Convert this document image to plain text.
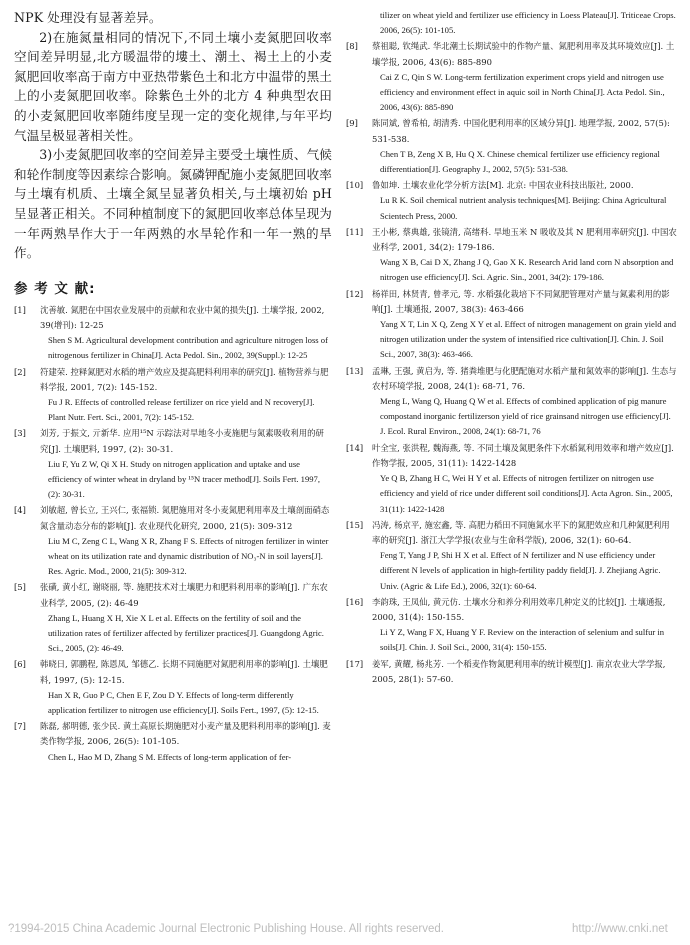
NPK 处理没有显著差异。

2)在施氮量相同的情况下,不同土壤小麦氮肥回收率空间差异明显,北方暖温带的塿土、潮土、褐土上的小麦氮肥回收率高于南方中亚热带紫色土和北方中温带的黑土上的小麦氮肥回收率。除紫色土外的北方 4 种典型农田的小麦氮肥回收率随纬度呈现一定的变化规律,与年平均气温呈极显著相关性。

3)小麦氮肥回收率的空间差异主要受土壤性质、气候和轮作制度等因素综合影响。氮磷钾配施小麦氮肥回收率与土壤有机质、土壤全氮呈显著负相关,与土壤初始 pH 呈显著正相关。不同种植制度下的氮肥回收率总体呈现为一年两熟旱作大于一年两熟的水旱轮作和一年一熟的旱作。

参 考 文 献:
[1]	沈善敏. 氮肥在中国农业发展中的贡献和农业中氮的损失[J]. 土壤学报, 2002, 39(增刊): 12-25

Shen S M. Agricultural development contribution and agriculture nitrogen loss of nitrogenous fertilizer in China[J]. Acta Pedol. Sin., 2002, 39(Suppl.): 12-25

[2]	符建荣. 控释氮肥对水稻的增产效应及提高肥料利用率的研究[J]. 植物营养与肥料学报, 2001, 7(2): 145-152.

Fu J R. Effects of controlled release fertilizer on rice yield and N recovery[J]. Plant Nutr. Fert. Sci., 2001, 7(2): 145-152.

[3]	刘芳, 于振文, 亓新华. 应用¹⁵N 示踪法对旱地冬小麦施肥与氮素吸收利用的研究[J]. 土壤肥料, 1997, (2): 30-31.

Liu F, Yu Z W, Qi X H. Study on nitrogen application and uptake and use efficiency of winter wheat in dryland by ¹⁵N tracer method[J]. Soils Fert. 1997, (2): 30-31.

[4]	刘敏超, 曾长立, 王兴仁, 张福锁. 氮肥施用对冬小麦氮肥利用率及土壤剖面硝态氮含量动态分布的影响[J]. 农业现代化研究, 2000, 21(5): 309-312

Liu M C, Zeng C L, Wang X R, Zhang F S. Effects of nitrogen fertilizer in winter wheat on its utilization rate and dynamic distribution of NO₃-N in soil layers[J]. Res. Agric. Mod., 2000, 21(5): 309-312.

[5]	张磺, 黄小红, 谢晓丽, 等. 施肥技术对土壤肥力和肥料利用率的影响[J]. 广东农业科学, 2005, (2): 46-49

Zhang L, Huang X H, Xie X L et al. Effects on the fertility of soil and the utilization rates of fertilizer affected by fertilizer practices[J]. Guangdong Agric. Sci., 2005, (2): 46-49.

[6]	韩晓日, 郭鹏程, 陈恩凤, 邹德乙. 长期不同施肥对氮肥利用率的影响[J]. 土壤肥料, 1997, (5): 12-15.

Han X R, Guo P C, Chen E F, Zou D Y. Effects of long-term differently application fertilizer to nitrogen use efficiency[J]. Soils Fert., 1997, (5): 12-15.

[7]	陈磊, 郝明德, 张少民. 黄土高原长期施肥对小麦产量及肥料利用率的影响[J]. 麦类作物学报, 2006, 26(5): 101-105.

Chen L, Hao M D, Zhang S M. Effects of long-term application of fer-

tilizer on wheat yield and fertilizer use efficiency in Loess Plateau[J]. Triticeae Crops. 2006, 26(5): 101-105.

[8]	蔡祖聪, 钦绳武. 华北潮土长期试验中的作物产量、氮肥利用率及其环境效应[J]. 土壤学报, 2006, 43(6): 885-890

Cai Z C, Qin S W. Long-term fertilization experiment crops yield and nitrogen use efficiency and environment effect in aquic soil in North China[J]. Acta Pedol. Sin., 2006, 43(6): 885-890

[9]	陈同斌, 曾希柏, 胡清秀. 中国化肥利用率的区域分异[J]. 地理学报, 2002, 57(5): 531-538.

Chen T B, Zeng X B, Hu Q X. Chinese chemical fertilizer use efficiency regional differentiation[J]. Geography J., 2002, 57(5): 531-538.

[10]	鲁如坤. 土壤农业化学分析方法[M]. 北京: 中国农业科技出版社, 2000.

Lu R K. Soil chemical nutrient analysis techniques[M]. Beijing: China Agricultural Scientech Press, 2000.

[11]	王小彬, 蔡典雄, 张镜清, 高绪科. 旱地玉米 N 吸收及其 N 肥利用率研究[J]. 中国农业科学, 2001, 34(2): 179-186.

Wang X B, Cai D X, Zhang J Q, Gao X K. Research Arid land corn N absorption and nitrogen use efficiency[J]. Sci. Agric. Sin., 2001, 34(2): 179-186.

[12]	杨祥田, 林贤青, 曾孝元, 等. 水稻强化栽培下不同氮肥管理对产量与氮素利用的影响[J]. 土壤通报, 2007, 38(3): 463-466

Yang X T, Lin X Q, Zeng X Y et al. Effect of nitrogen management on grain yield and nitrogen utilization under the system of intensified rice cultivation[J]. Chin. J. Soil Sci., 2007, 38(3): 463-466.

[13]	孟琳, 王强, 黄启为, 等. 猪粪堆肥与化肥配施对水稻产量和氮效率的影响[J]. 生态与农村环境学报, 2008, 24(1): 68-71, 76.

Meng L, Wang Q, Huang Q W et al. Effects of combined application of pig manure compostand inorganic fertilizerson yield of rice grainsand nitrogen use efficiency[J]. J. Ecol. Rural Environ., 2008, 24(1): 68-71, 76

[14]	叶全宝, 张洪程, 魏海燕, 等. 不同土壤及氮肥条件下水稻氮利用效率和增产效应[J]. 作物学报, 2005, 31(11): 1422-1428

Ye Q B, Zhang H C, Wei H Y et al. Effects of nitrogen fertilizer on nitrogen use efficiency and yield of rice under different soil conditions[J]. Acta Agron. Sin., 2005, 31(11): 1422-1428

[15]	冯涛, 杨京平, 施宏鑫, 等. 高肥力稻田不同施氮水平下的氮肥效应和几种氮肥利用率的研究[J]. 浙江大学学报(农业与生命科学版), 2006, 32(1): 60-64.

Feng T, Yang J P, Shi H X et al. Effect of N fertilizer and N use efficiency under different N levels of application in high-fertility paddy field[J]. J. Zhejiang Agric. Univ. (Agric & Life Ed.), 2006, 32(1): 60-64.

[16]	李韵珠, 王凤仙, 黄元仿. 土壤水分和养分利用效率几种定义的比较[J]. 土壤通报, 2000, 31(4): 150-155.

Li Y Z, Wang F X, Huang Y F. Review on the interaction of selenium and sulfur in soils[J]. Chin. J. Soil Sci., 2000, 31(4): 150-155.

[17]	姜军, 黄耀, 杨兆芳. 一个稻麦作物氮肥利用率的统计模型[J]. 南京农业大学学报, 2005, 28(1): 57-60.

?1994-2015 China Academic Journal Electronic Publishing House. All rights reserved.	http://www.cnki.net
